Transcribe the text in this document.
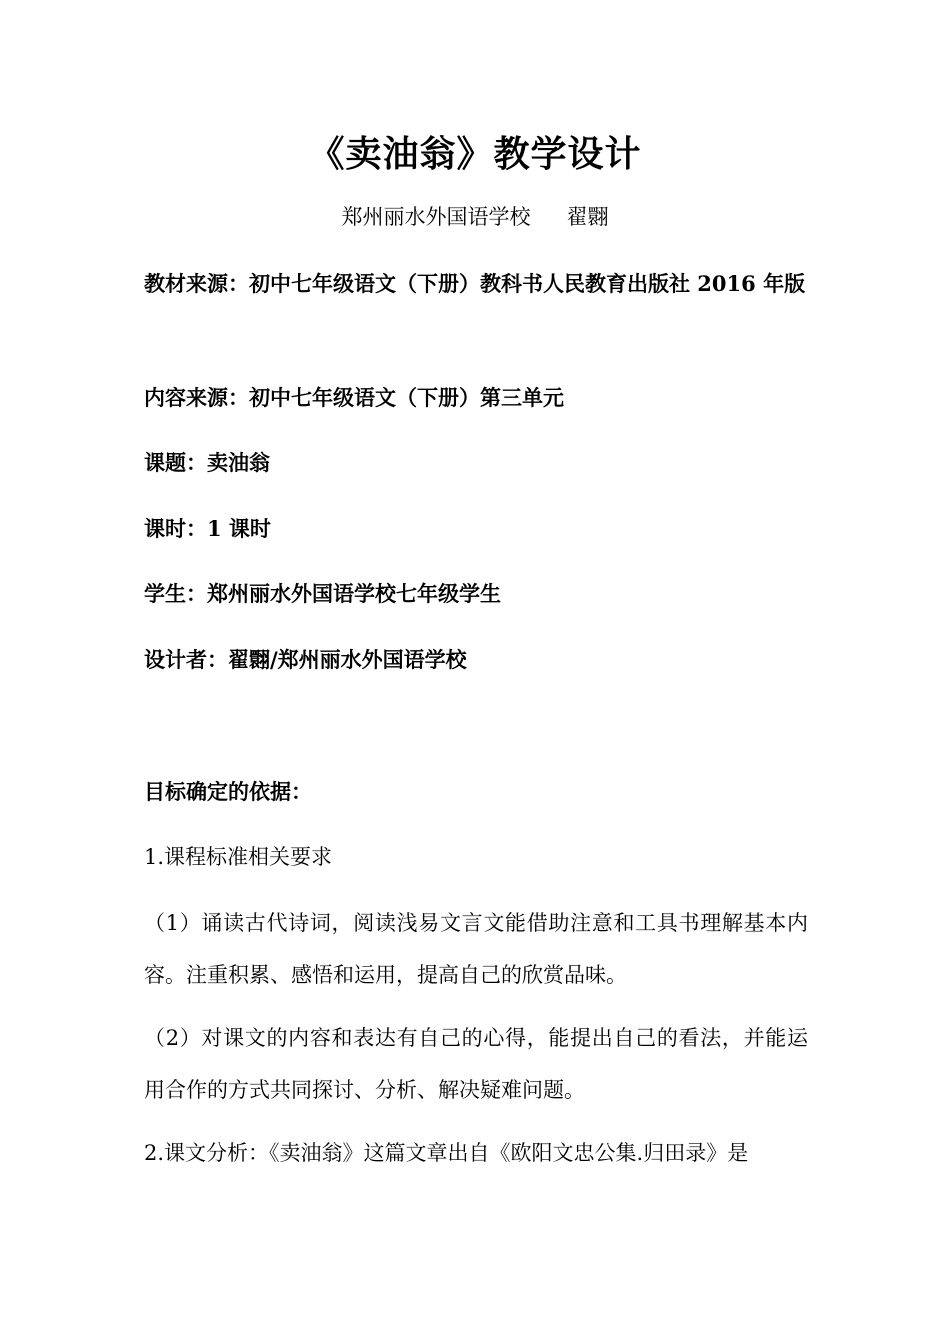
《卖油翁》教学设计
郑州丽水外国语学校 翟翾
教材来源：初中七年级语文（下册）教科书人民教育出版社 2016 年版
内容来源：初中七年级语文（下册）第三单元
课题：卖油翁
课时：1 课时
学生：郑州丽水外国语学校七年级学生
设计者：翟翾/郑州丽水外国语学校
目标确定的依据：
1.课程标准相关要求
（1）诵读古代诗词，阅读浅易文言文能借助注意和工具书理解基本内容。注重积累、感悟和运用，提高自己的欣赏品味。
（2）对课文的内容和表达有自己的心得，能提出自己的看法，并能运用合作的方式共同探讨、分析、解决疑难问题。
2.课文分析：《卖油翁》这篇文章出自《欧阳文忠公集.归田录》是
